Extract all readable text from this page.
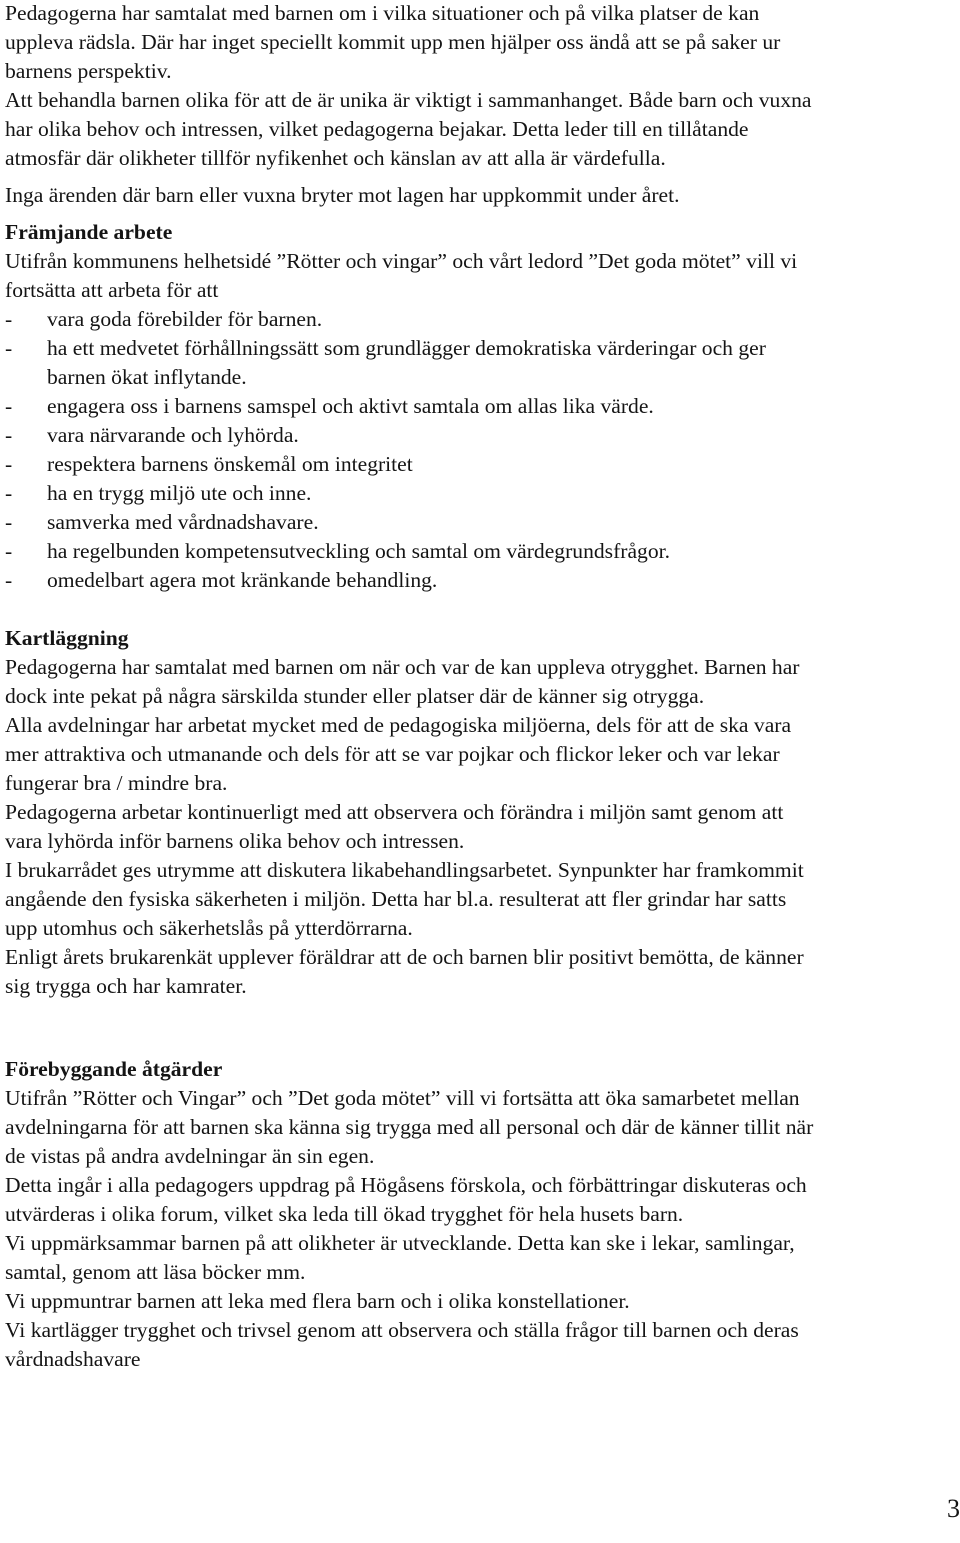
Pedagogerna har samtalat med barnen om i vilka situationer och på vilka platser de kan
uppleva rädsla. Där har inget speciellt kommit upp men hjälper oss ändå att se på saker ur
barnens perspektiv.

Att behandla barnen olika för att de är unika är viktigt i sammanhanget. Både barn och vuxna
har olika behov och intressen, vilket pedagogerna bejakar. Detta leder till en tillåtande
atmosfär där olikheter tillför nyfikenhet och känslan av att alla är värdefulla.

Inga ärenden där barn eller vuxna bryter mot lagen har uppkommit under året.

Främjande arbete

Utifrån kommunens helhetsidé ”Rötter och vingar” och vårt ledord ”Det goda mötet” vill vi
fortsätta att arbeta för att

- vara goda förebilder för barnen.
- ha ett medvetet förhållningssätt som grundlägger demokratiska värderingar och ger
barnen ökat inflytande.
- engagera oss i barnens samspel och aktivt samtala om allas lika värde.
- vara närvarande och lyhörda.
- respektera barnens önskemål om integritet
- ha en trygg miljö ute och inne.
- samverka med vårdnadshavare.
- ha regelbunden kompetensutveckling och samtal om värdegrundsfrågor.
- omedelbart agera mot kränkande behandling.

Kartläggning

Pedagogerna har samtalat med barnen om när och var de kan uppleva otrygghet. Barnen har
dock inte pekat på några särskilda stunder eller platser där de känner sig otrygga.

Alla avdelningar har arbetat mycket med de pedagogiska miljöerna, dels för att de ska vara
mer attraktiva och utmanande och dels för att se var pojkar och flickor leker och var lekar
fungerar bra / mindre bra.

Pedagogerna arbetar kontinuerligt med att observera och förändra i miljön samt genom att
vara lyhörda inför barnens olika behov och intressen.

I brukarrådet ges utrymme att diskutera likabehandlingsarbetet. Synpunkter har framkommit
angående den fysiska säkerheten i miljön. Detta har bl.a. resulterat att fler grindar har satts
upp utomhus och säkerhetslås på ytterdörrarna.

Enligt årets brukarenkät upplever föräldrar att de och barnen blir positivt bemötta, de känner
sig trygga och har kamrater.

Förebyggande åtgärder

Utifrån ”Rötter och Vingar” och ”Det goda mötet” vill vi fortsätta att öka samarbetet mellan
avdelningarna för att barnen ska känna sig trygga med all personal och där de känner tillit när
de vistas på andra avdelningar än sin egen.

Detta ingår i alla pedagogers uppdrag på Högåsens förskola, och förbättringar diskuteras och
utvärderas i olika forum, vilket ska leda till ökad trygghet för hela husets barn.

Vi uppmärksammar barnen på att olikheter är utvecklande. Detta kan ske i lekar, samlingar,
samtal, genom att läsa böcker mm.

Vi uppmuntrar barnen att leka med flera barn och i olika konstellationer.

Vi kartlägger trygghet och trivsel genom att observera och ställa frågor till barnen och deras
vårdnadshavare

3
